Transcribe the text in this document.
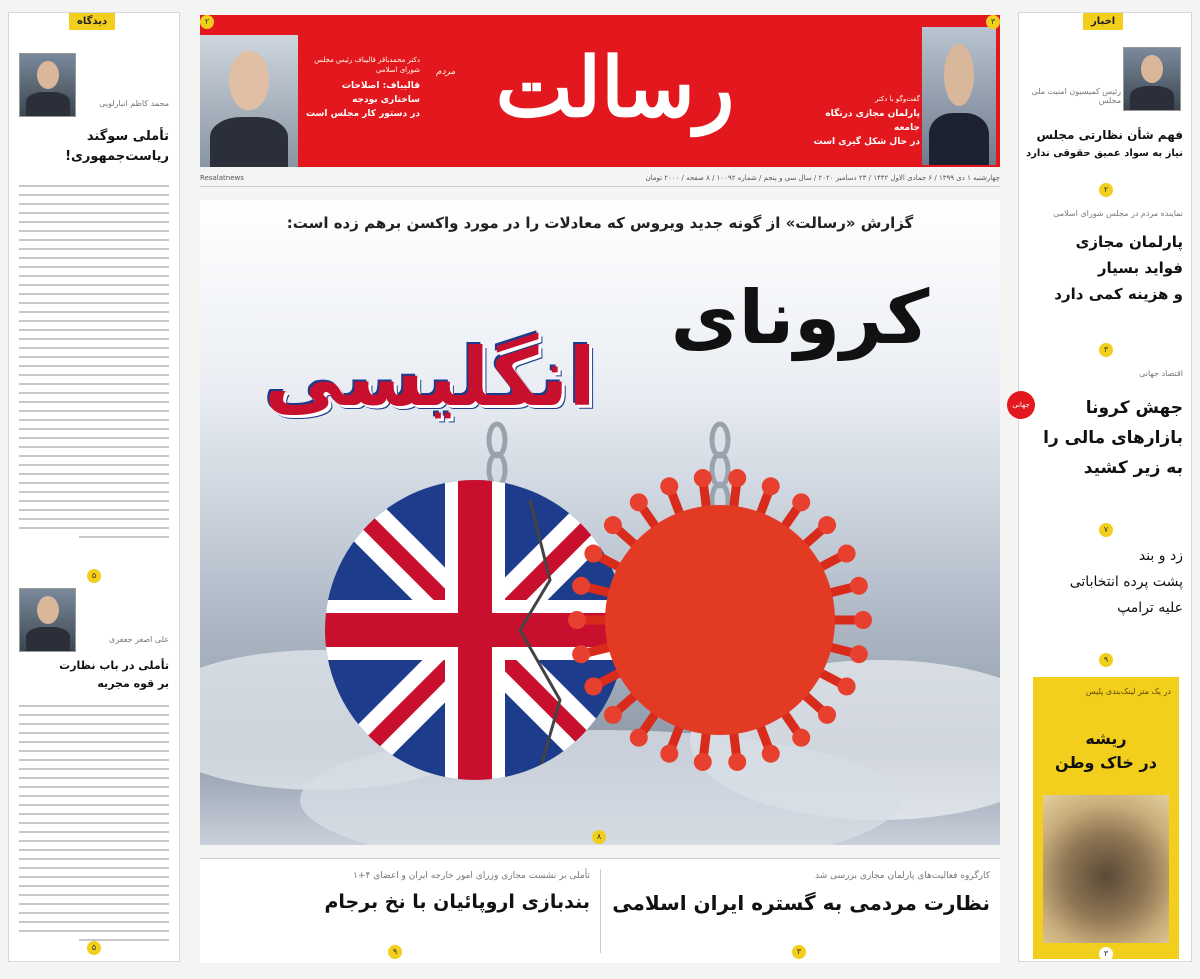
دکتر محمدباقر قالیباف رئیس مجلس شورای اسلامی
قالیباف: اصلاحات ساختاری بودجه
در دستور کار مجلس است
۲
رسالت
مردم
گفت‌وگو با دکتر
پارلمان مجازی درنگاه جامعه
در حال شکل گیری است
۳
چهارشنبه ۱ دی ۱۳۹۹ / ۶ جمادی الاول ۱۴۴۲ / ۲۳ دسامبر ۲۰۲۰ / سال سی و پنجم / شماره ۱۰۰۹۲ / ۸ صفحه / ۲۰۰۰ تومان
Resalatnews
دیدگاه
محمد کاظم انبارلویی
تأملی سوگند
ریاست‌جمهوری!
۵
علی اصغر جعفری
تأملی در باب نظارت
بر قوه مجریه
۵
گزارش «رسالت» از گونه جدید ویروس که معادلات را در مورد واکسن برهم زده است:
کرونای
انگلیسی
۸
کارگروه فعالیت‌های پارلمان مجازی بررسی شد
نظارت مردمی به گستره ایران اسلامی
تأملی بر نشست مجازی وزرای امور خارجه ایران و اعضای ۴+۱
بندبازی اروپائیان با نخ برجام
۳
۹
اخبار
رئیس کمیسیون امنیت ملی مجلس
فهم شأن نظارتی مجلس
نیاز به سواد عمیق حقوقی ندارد
۲
نماینده مردم در مجلس شورای اسلامی
پارلمان مجازی
فواید بسیار
و هزینه کمی دارد
۳
اقتصاد جهانی
جهانی	جهش کرونا
بازارهای مالی را
به زیر کشید
۷
زد و بند
پشت پرده انتخاباتی
علیه ترامپ
۹
در یک متر لینک‌بندی پلیس
ریشه
در خاک وطن
۳
